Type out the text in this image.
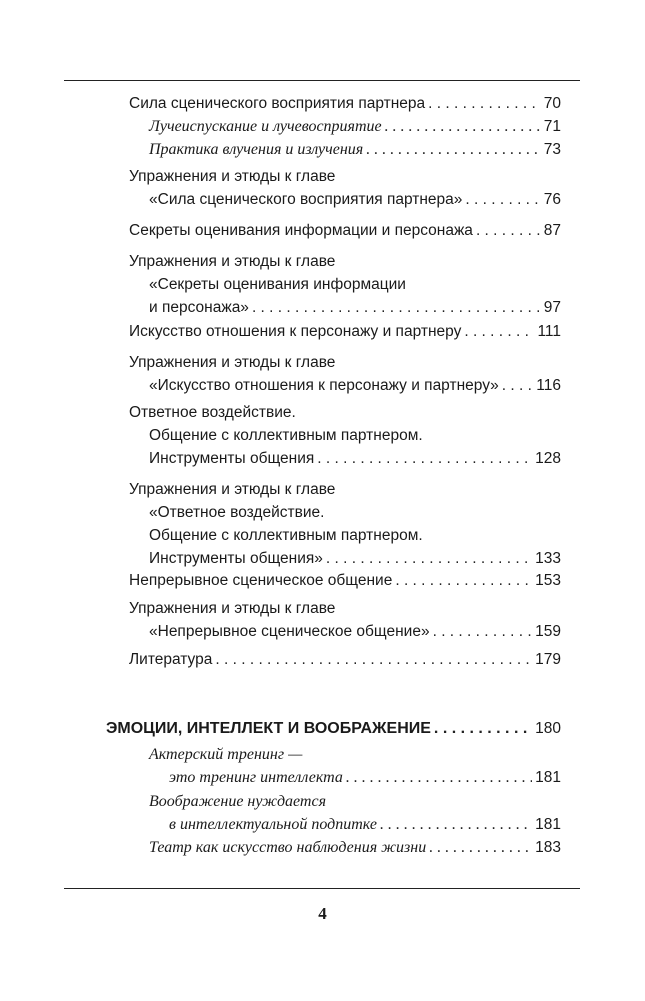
Сила сценического восприятия партнера . . .	70
Лучеиспускание и лучевосприятие . . .	71
Практика влучения и излучения . . .	73
Упражнения и этюды к главе
«Сила сценического восприятия партнера» . . .	76
Секреты оценивания информации и персонажа . . .	87
Упражнения и этюды к главе
«Секреты оценивания информации
и персонажа» . . .	97
Искусство отношения к персонажу и партнеру . . .	111
Упражнения и этюды к главе
«Искусство отношения к персонажу и партнеру» . . . 116
Ответное воздействие.
Общение с коллективным партнером.
Инструменты общения . . .	128
Упражнения и этюды к главе
«Ответное воздействие.
Общение с коллективным партнером.
Инструменты общения» . . .	133
Непрерывное сценическое общение . . .	153
Упражнения и этюды к главе
«Непрерывное сценическое общение» . . .	159
Литература . . .	179
ЭМОЦИИ, ИНТЕЛЛЕКТ И ВООБРАЖЕНИЕ . . .	180
Актерский тренинг —
это тренинг интеллекта . . .	181
Воображение нуждается
в интеллектуальной подпитке . . .	181
Театр как искусство наблюдения жизни . . .	183
4
